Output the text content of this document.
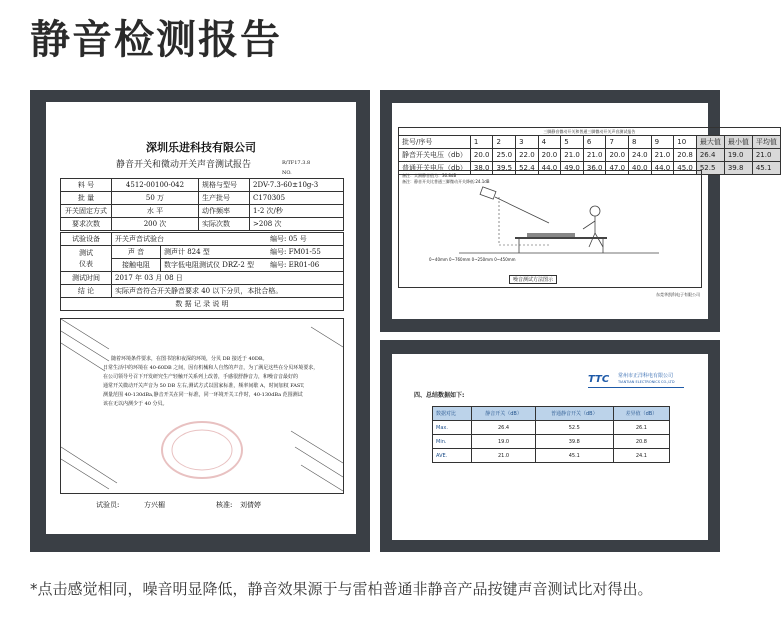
静音检测报告
深圳乐进科技有限公司
静音开关和微动开关声音测试报告	R/TF17.3.8
NO.
料 号	4512-00100-042	规格与型号	2DV-7.3-60±10g-3
批 量	50 万	生产批号	C170305
开关固定方式	水 平	动作频率	1-2 次/秒
要求次数	200 次	实际次数	>208 次
试验设备	开关声音试验台		编号: 05 号

测试
仪表	声 音	测声计 824 型	编号: FM01-55
	接触电阻	数字低电阻测试仪 DRZ-2 型	编号: ER01-06
测试时间	2017 年 03 月 08 日		
结 论	实际声音符合开关静音要求 40 以下分贝，本批合格。		
数 据 记 录 说 明			
随着环境条件要求，在图书馆和夜深的环境，分贝 DB 接近于 40DB。
日常生活中的环境在 40-60DB 之间，因有机械和人自然的声音，为了满足这些在分贝环境要求，
在公司领导号召下开发研究生产轻触开关系列上改善，手感很舒静音力，和噪音音最好的
通常开关微动开关声音为 50 DB 左右,测试方式以国家标准，频率间歇 A，时间加权 FAST,
测量范围 40-130dBa,静音开关在同一标准，同一环境开关工作时，40-130dBa 范围测试
该在无以内测少于 40 分贝。
试验员:	方兴楣	核准: 刘倩婷
三脚静音微动开关和普通三脚微动开关声音测试报告													
批号/序号	1	2	3	4	5	6	7	8	9	10	最大值	最小值	平均值
静音开关电压（db）	20.0	25.0	22.0	20.0	21.0	21.0	20.0	24.0	21.0	20.8	26.4	19.0	21.0
普通开关电压（db）	38.0	39.5	52.4	44.0	49.0	36.0	47.0	40.0	44.0	45.0	52.5	39.8	45.1
备注：实测静音值为：36.8dB
备注：静音开关比普通三脚微动开关降低:24.1dB
0~40mm 0~760mm 0~250mm 0~450mm
噪音测试方法图示
东莞华凯科电子有限公司
TTC 常州市正洋科电有限公司
TIANTIAN ELECTRONICS CO.,LTD
四、总结数据如下:
数据对比	静音开关（dB）	普通静音开关（dB）	差异值（dB）
Max.	26.4	52.5	26.1
Min.	19.0	39.8	20.8
AVE.	21.0	45.1	24.1
*点击感觉相同，噪音明显降低，静音效果源于与雷柏普通非静音产品按键声音测试比对得出。
